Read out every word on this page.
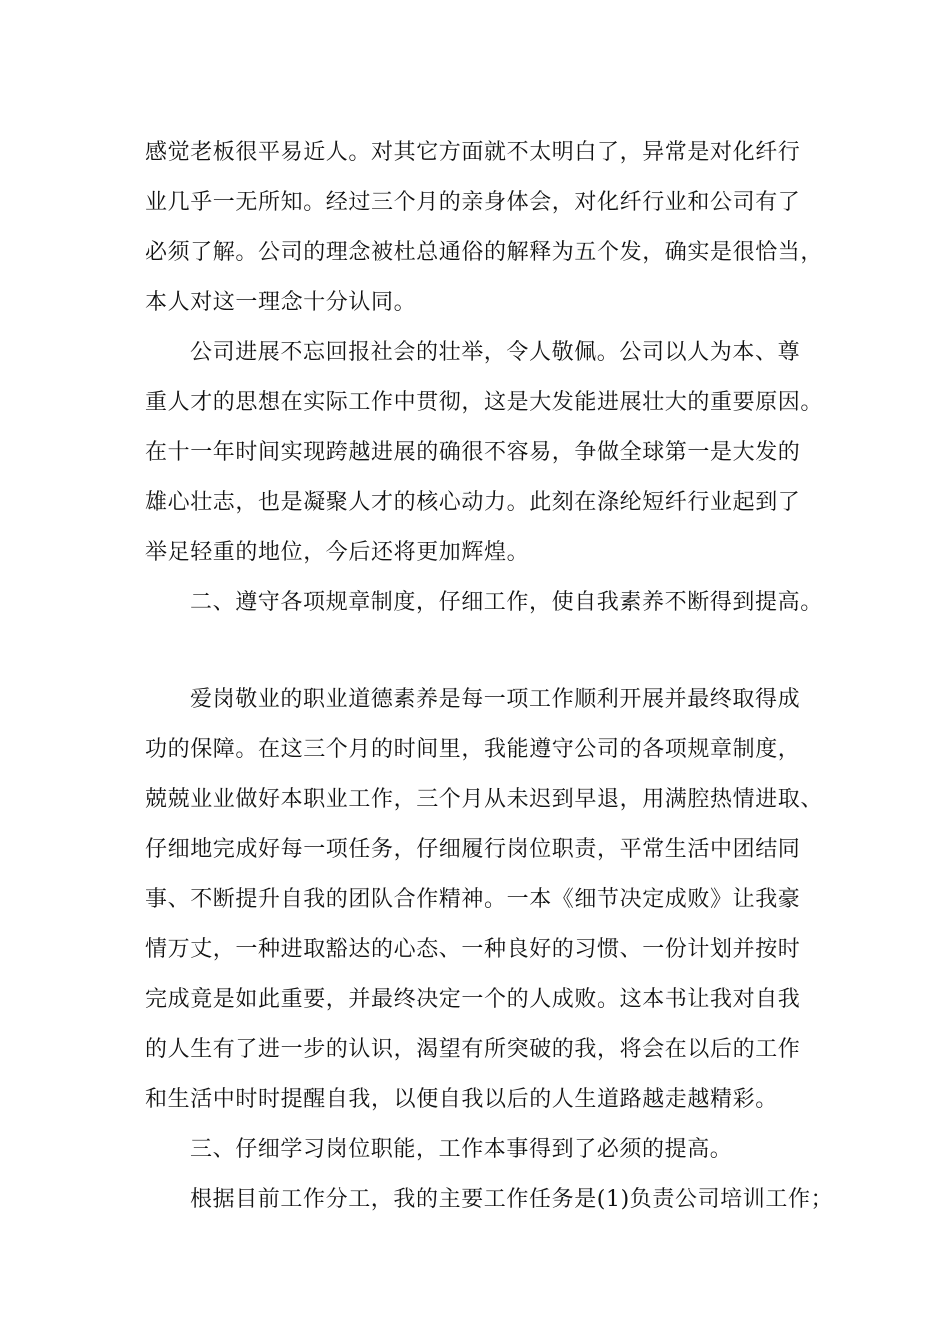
感觉老板很平易近人。对其它方面就不太明白了，异常是对化纤行
业几乎一无所知。经过三个月的亲身体会，对化纤行业和公司有了
必须了解。公司的理念被杜总通俗的解释为五个发，确实是很恰当，
本人对这一理念十分认同。
公司进展不忘回报社会的壮举，令人敬佩。公司以人为本、尊
重人才的思想在实际工作中贯彻，这是大发能进展壮大的重要原因。
在十一年时间实现跨越进展的确很不容易，争做全球第一是大发的
雄心壮志，也是凝聚人才的核心动力。此刻在涤纶短纤行业起到了
举足轻重的地位，今后还将更加辉煌。
二、遵守各项规章制度，仔细工作，使自我素养不断得到提高。
爱岗敬业的职业道德素养是每一项工作顺利开展并最终取得成
功的保障。在这三个月的时间里，我能遵守公司的各项规章制度，
兢兢业业做好本职业工作，三个月从未迟到早退，用满腔热情进取、
仔细地完成好每一项任务，仔细履行岗位职责，平常生活中团结同
事、不断提升自我的团队合作精神。一本《细节决定成败》让我豪
情万丈，一种进取豁达的心态、一种良好的习惯、一份计划并按时
完成竟是如此重要，并最终决定一个的人成败。这本书让我对自我
的人生有了进一步的认识，渴望有所突破的我，将会在以后的工作
和生活中时时提醒自我，以便自我以后的人生道路越走越精彩。
三、仔细学习岗位职能，工作本事得到了必须的提高。
根据目前工作分工，我的主要工作任务是(1)负责公司培训工作；
